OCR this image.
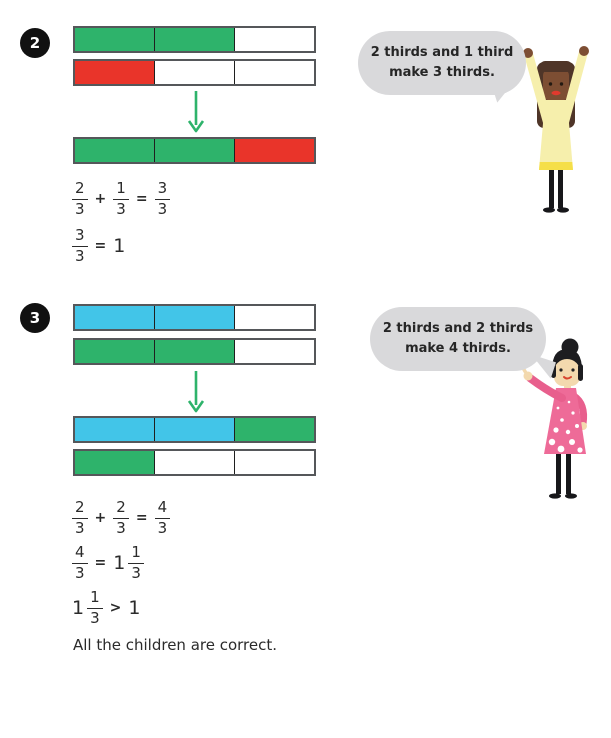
2
$\frac{2}{3} + \frac{1}{3} = \frac{3}{3}$
$\frac{3}{3} = 1$
2 thirds and 1 third
make 3 thirds.
3
$\frac{2}{3} + \frac{2}{3} = \frac{4}{3}$
$\frac{4}{3} = 1 \frac{1}{3}$
$1 \frac{1}{3} > 1$
2 thirds and 2 thirds
make 4 thirds.
All the children are correct.
